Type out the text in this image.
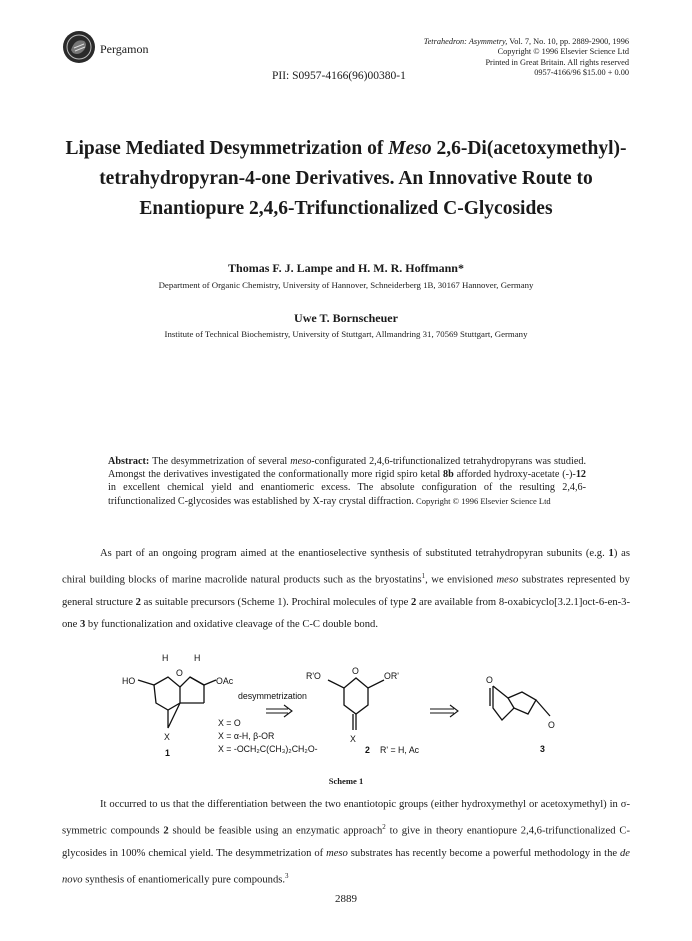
Pergamon
PII: S0957-4166(96)00380-1
Tetrahedron: Asymmetry, Vol. 7, No. 10, pp. 2889-2900, 1996
Copyright © 1996 Elsevier Science Ltd
Printed in Great Britain. All rights reserved
0957-4166/96 $15.00 + 0.00
Lipase Mediated Desymmetrization of Meso 2,6-Di(acetoxymethyl)-
tetrahydropyran-4-one Derivatives. An Innovative Route to
Enantiopure 2,4,6-Trifunctionalized C-Glycosides
Thomas F. J. Lampe and H. M. R. Hoffmann*
Department of Organic Chemistry, University of Hannover, Schneiderberg 1B, 30167 Hannover, Germany
Uwe T. Bornscheuer
Institute of Technical Biochemistry, University of Stuttgart, Allmandring 31, 70569 Stuttgart, Germany
Abstract: The desymmetrization of several meso-configurated 2,4,6-trifunctionalized tetrahydropyrans was studied. Amongst the derivatives investigated the conformationally more rigid spiro ketal 8b afforded hydroxy-acetate (-)-12 in excellent chemical yield and enantiomeric excess. The absolute configuration of the resulting 2,4,6-trifunctionalized C-glycosides was established by X-ray crystal diffraction. Copyright © 1996 Elsevier Science Ltd
As part of an ongoing program aimed at the enantioselective synthesis of substituted tetrahydropyran subunits (e.g. 1) as chiral building blocks of marine macrolide natural products such as the bryostatins$^1$, we envisioned meso substrates represented by general structure 2 as suitable precursors (Scheme 1). Prochiral molecules of type 2 are available from 8-oxabicyclo[3.2.1]oct-6-en-3-one 3 by functionalization and oxidative cleavage of the C-C double bond.
HO
H	H
O
OAc
X
1
desymmetrization
X = O
X = α-H, β-OR
X = -OCH₂C(CH₃)₂CH₂O-
R'O	O	OR'
X
2 R' = H, Ac
O
O
3
Scheme 1
It occurred to us that the differentiation between the two enantiotopic groups (either hydroxymethyl or acetoxymethyl) in σ-symmetric compounds 2 should be feasible using an enzymatic approach$^2$ to give in theory enantiopure 2,4,6-trifunctionalized C-glycosides in 100% chemical yield. The desymmetrization of meso substrates has recently become a powerful methodology in the de novo synthesis of enantiomerically pure compounds.$^3$
2889
